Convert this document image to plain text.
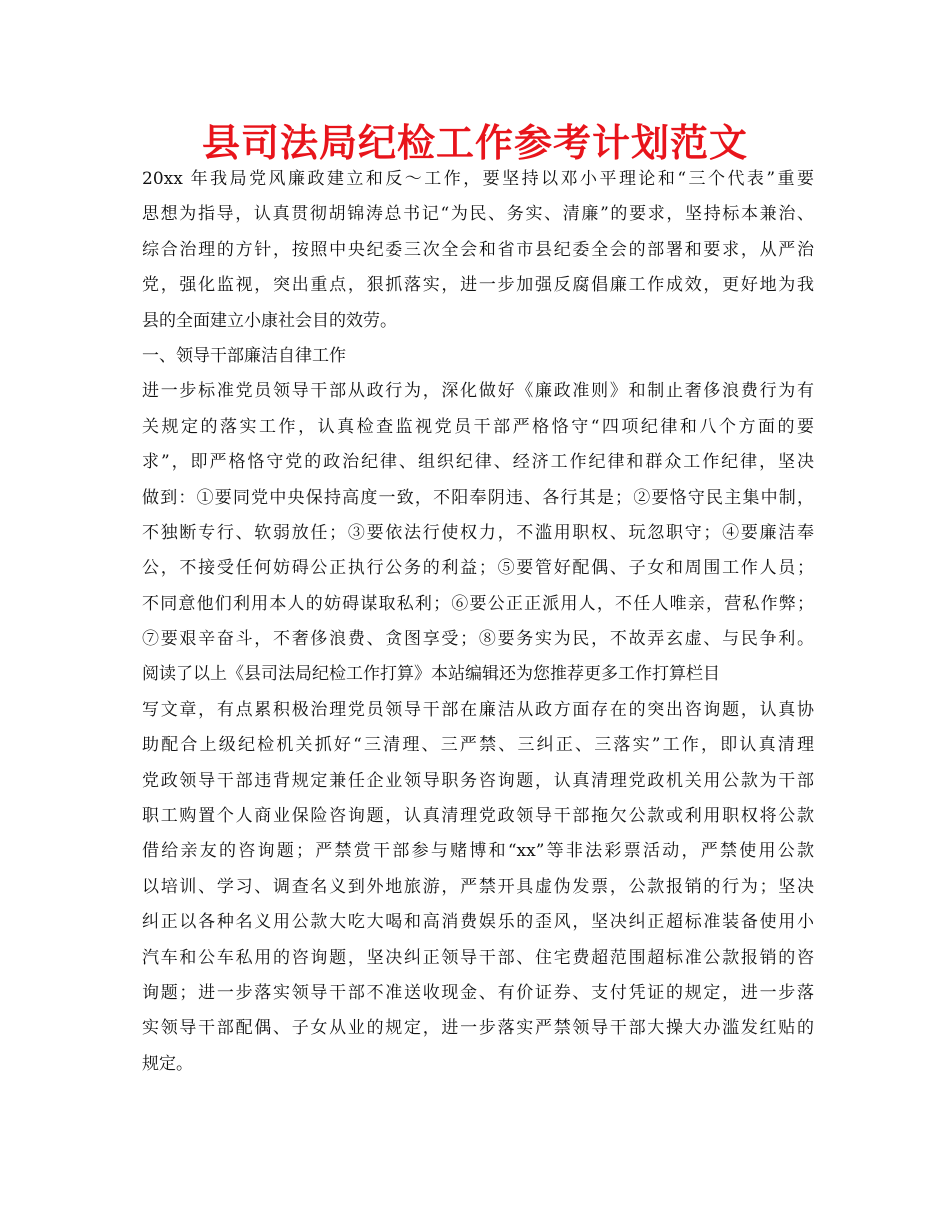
县司法局纪检工作参考计划范文
20xx 年我局党风廉政建立和反～工作，要坚持以邓小平理论和“三个代表”重要
思想为指导，认真贯彻胡锦涛总书记“为民、务实、清廉”的要求，坚持标本兼治、
综合治理的方针，按照中央纪委三次全会和省市县纪委全会的部署和要求，从严治
党，强化监视，突出重点，狠抓落实，进一步加强反腐倡廉工作成效，更好地为我
县的全面建立小康社会目的效劳。
一、领导干部廉洁自律工作
进一步标准党员领导干部从政行为，深化做好《廉政准则》和制止奢侈浪费行为有
关规定的落实工作，认真检查监视党员干部严格恪守“四项纪律和八个方面的要
求”，即严格恪守党的政治纪律、组织纪律、经济工作纪律和群众工作纪律，坚决
做到：①要同党中央保持高度一致，不阳奉阴违、各行其是；②要恪守民主集中制，
不独断专行、软弱放任；③要依法行使权力，不滥用职权、玩忽职守；④要廉洁奉
公，不接受任何妨碍公正执行公务的利益；⑤要管好配偶、子女和周围工作人员；
不同意他们利用本人的妨碍谋取私利；⑥要公正正派用人，不任人唯亲，营私作弊；
⑦要艰辛奋斗，不奢侈浪费、贪图享受；⑧要务实为民，不故弄玄虚、与民争利。
阅读了以上《县司法局纪检工作打算》本站编辑还为您推荐更多工作打算栏目
写文章，有点累积极治理党员领导干部在廉洁从政方面存在的突出咨询题，认真协
助配合上级纪检机关抓好“三清理、三严禁、三纠正、三落实”工作，即认真清理
党政领导干部违背规定兼任企业领导职务咨询题，认真清理党政机关用公款为干部
职工购置个人商业保险咨询题，认真清理党政领导干部拖欠公款或利用职权将公款
借给亲友的咨询题；严禁赏干部参与赌博和“xx”等非法彩票活动，严禁使用公款
以培训、学习、调查名义到外地旅游，严禁开具虚伪发票，公款报销的行为；坚决
纠正以各种名义用公款大吃大喝和高消费娱乐的歪风，坚决纠正超标准装备使用小
汽车和公车私用的咨询题，坚决纠正领导干部、住宅费超范围超标准公款报销的咨
询题；进一步落实领导干部不准送收现金、有价证券、支付凭证的规定，进一步落
实领导干部配偶、子女从业的规定，进一步落实严禁领导干部大操大办滥发红贴的
规定。
